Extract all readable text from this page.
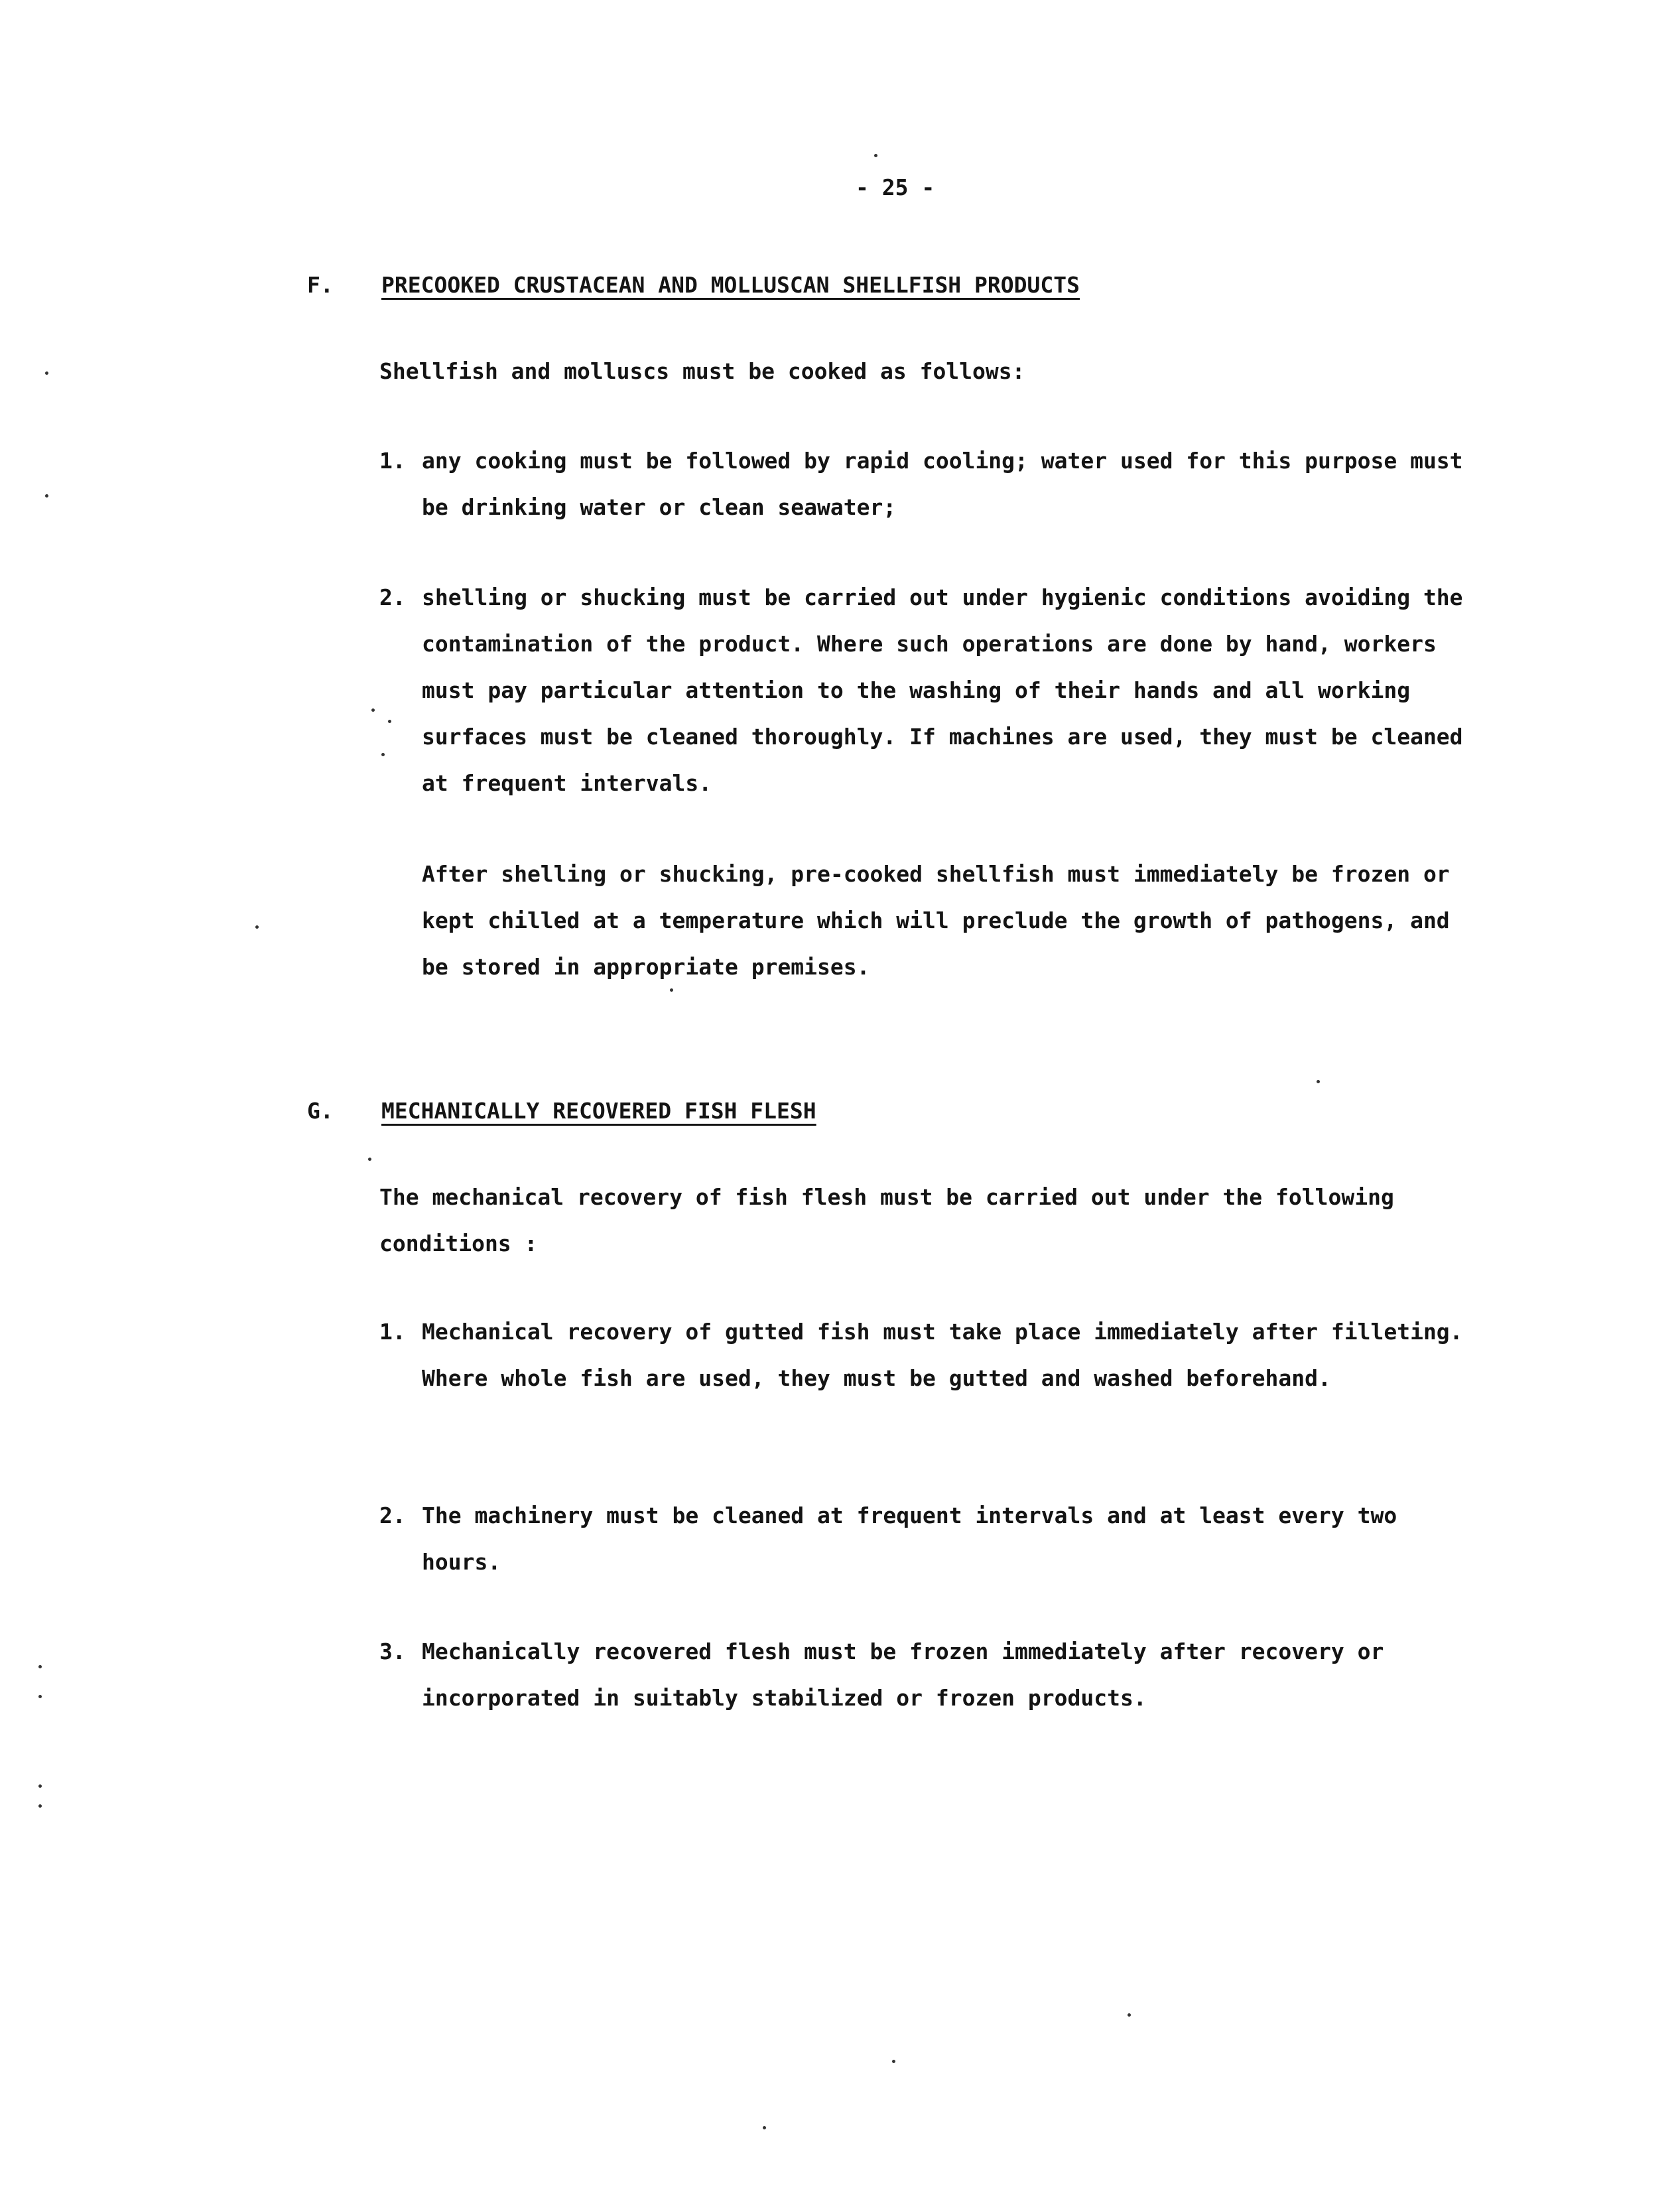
- 25 -
F. PRECOOKED CRUSTACEAN AND MOLLUSCAN SHELLFISH PRODUCTS
Shellfish and molluscs must be cooked as follows:
1. any cooking must be followed by rapid cooling; water used for this purpose must be drinking water or clean seawater;
2. shelling or shucking must be carried out under hygienic conditions avoiding the contamination of the product. Where such operations are done by hand, workers must pay particular attention to the washing of their hands and all working surfaces must be cleaned thoroughly. If machines are used, they must be cleaned at frequent intervals.
After shelling or shucking, pre-cooked shellfish must immediately be frozen or kept chilled at a temperature which will preclude the growth of pathogens, and be stored in appropriate premises.
G. MECHANICALLY RECOVERED FISH FLESH
The mechanical recovery of fish flesh must be carried out under the following conditions :
1. Mechanical recovery of gutted fish must take place immediately after filleting. Where whole fish are used, they must be gutted and washed beforehand.
2. The machinery must be cleaned at frequent intervals and at least every two hours.
3. Mechanically recovered flesh must be frozen immediately after recovery or incorporated in suitably stabilized or frozen products.
